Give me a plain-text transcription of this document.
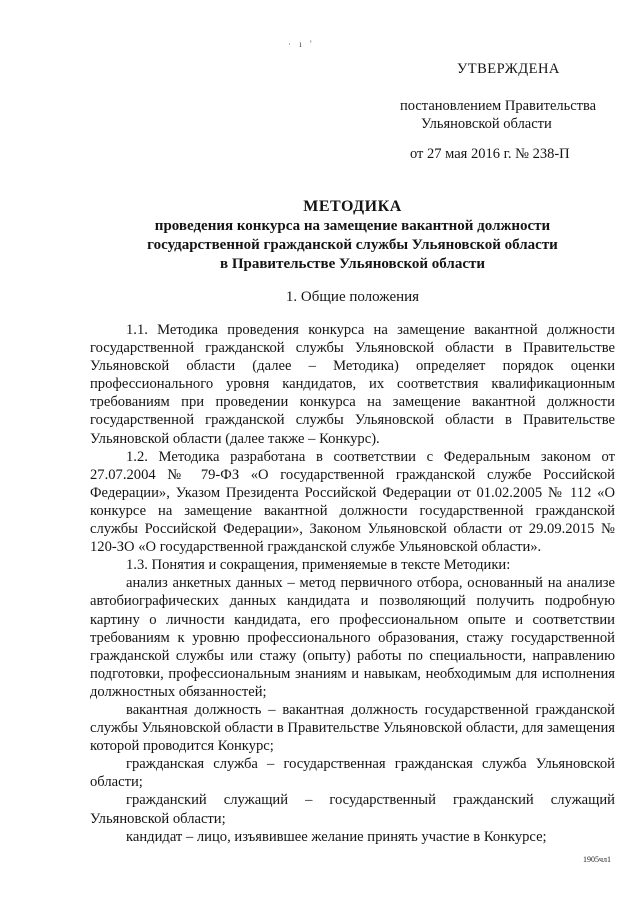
· ı '
УТВЕРЖДЕНА
постановлением Правительства
Ульяновской области
от 27 мая 2016 г. № 238-П
МЕТОДИКА
проведения конкурса на замещение вакантной должности
государственной гражданской службы Ульяновской области
в Правительстве Ульяновской области
1. Общие положения

1.1. Методика проведения конкурса на замещение вакантной должности государственной гражданской службы Ульяновской области в Правительстве Ульяновской области (далее – Методика) определяет порядок оценки профессионального уровня кандидатов, их соответствия квалификационным требованиям при проведении конкурса на замещение вакантной должности государственной гражданской службы Ульяновской области в Правительстве Ульяновской области (далее также – Конкурс).

1.2. Методика разработана в соответствии с Федеральным законом от 27.07.2004 № 79-ФЗ «О государственной гражданской службе Российской Федерации», Указом Президента Российской Федерации от 01.02.2005 № 112 «О конкурсе на замещение вакантной должности государственной гражданской службы Российской Федерации», Законом Ульяновской области от 29.09.2015 № 120-ЗО «О государственной гражданской службе Ульяновской области».

1.3. Понятия и сокращения, применяемые в тексте Методики:

анализ анкетных данных – метод первичного отбора, основанный на анализе автобиографических данных кандидата и позволяющий получить подробную картину о личности кандидата, его профессиональном опыте и соответствии требованиям к уровню профессионального образования, стажу государственной гражданской службы или стажу (опыту) работы по специальности, направлению подготовки, профессиональным знаниям и навыкам, необходимым для исполнения должностных обязанностей;

вакантная должность – вакантная должность государственной гражданской службы Ульяновской области в Правительстве Ульяновской области, для замещения которой проводится Конкурс;

гражданская служба – государственная гражданская служба Ульяновской области;

гражданский служащий – государственный гражданский служащий Ульяновской области;

кандидат – лицо, изъявившее желание принять участие в Конкурсе;

1905чл1
